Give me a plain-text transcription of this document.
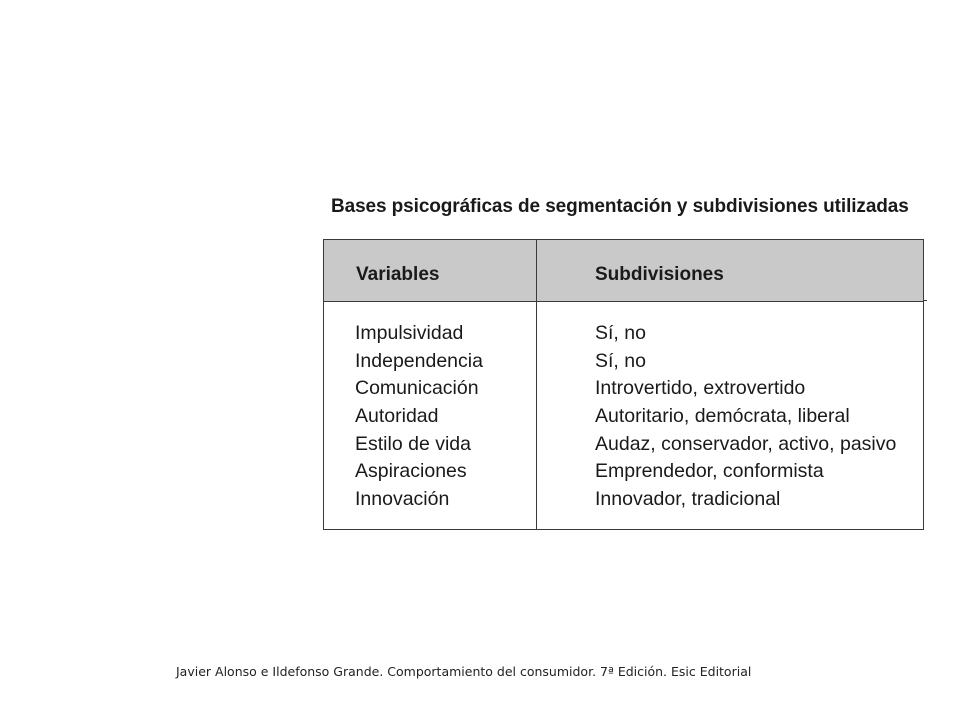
Bases psicográficas de segmentación y subdivisiones utilizadas
Variables	Subdivisiones
Impulsividad
Independencia
Comunicación
Autoridad
Estilo de vida
Aspiraciones
Innovación
Sí, no
Sí, no
Introvertido, extrovertido
Autoritario, demócrata, liberal
Audaz, conservador, activo, pasivo
Emprendedor, conformista
Innovador, tradicional
Javier Alonso e Ildefonso Grande. Comportamiento del consumidor. 7ª Edición. Esic Editorial
